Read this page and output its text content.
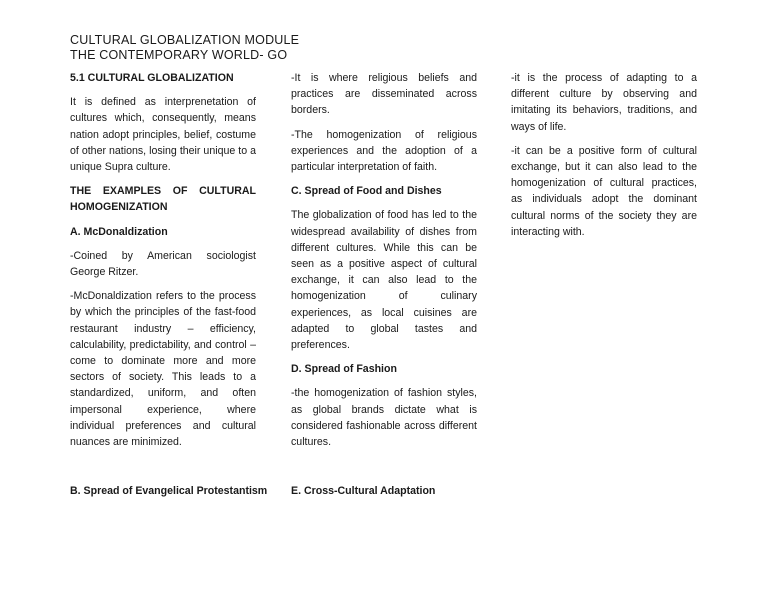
CULTURAL GLOBALIZATION MODULE
THE CONTEMPORARY WORLD- GO

5.1 CULTURAL GLOBALIZATION

It is defined as interprenetation of cultures which, consequently, means nation adopt principles, belief, costume of other nations, losing their unique to a unique Supra culture.

THE EXAMPLES OF CULTURAL HOMOGENIZATION

A. McDonaldization

-Coined by American sociologist George Ritzer.

-McDonaldization refers to the process by which the principles of the fast-food restaurant industry – efficiency, calculability, predictability, and control – come to dominate more and more sectors of society. This leads to a standardized, uniform, and often impersonal experience, where individual preferences and cultural nuances are minimized.

B. Spread of Evangelical Protestantism

-It is where religious beliefs and practices are disseminated across borders.

-The homogenization of religious experiences and the adoption of a particular interpretation of faith.

C. Spread of Food and Dishes

The globalization of food has led to the widespread availability of dishes from different cultures. While this can be seen as a positive aspect of cultural exchange, it can also lead to the homogenization of culinary experiences, as local cuisines are adapted to global tastes and preferences.

D. Spread of Fashion

-the homogenization of fashion styles, as global brands dictate what is considered fashionable across different cultures.

E. Cross-Cultural Adaptation

-it is the process of adapting to a different culture by observing and imitating its behaviors, traditions, and ways of life.

-it can be a positive form of cultural exchange, but it can also lead to the homogenization of cultural practices, as individuals adopt the dominant cultural norms of the society they are interacting with.
